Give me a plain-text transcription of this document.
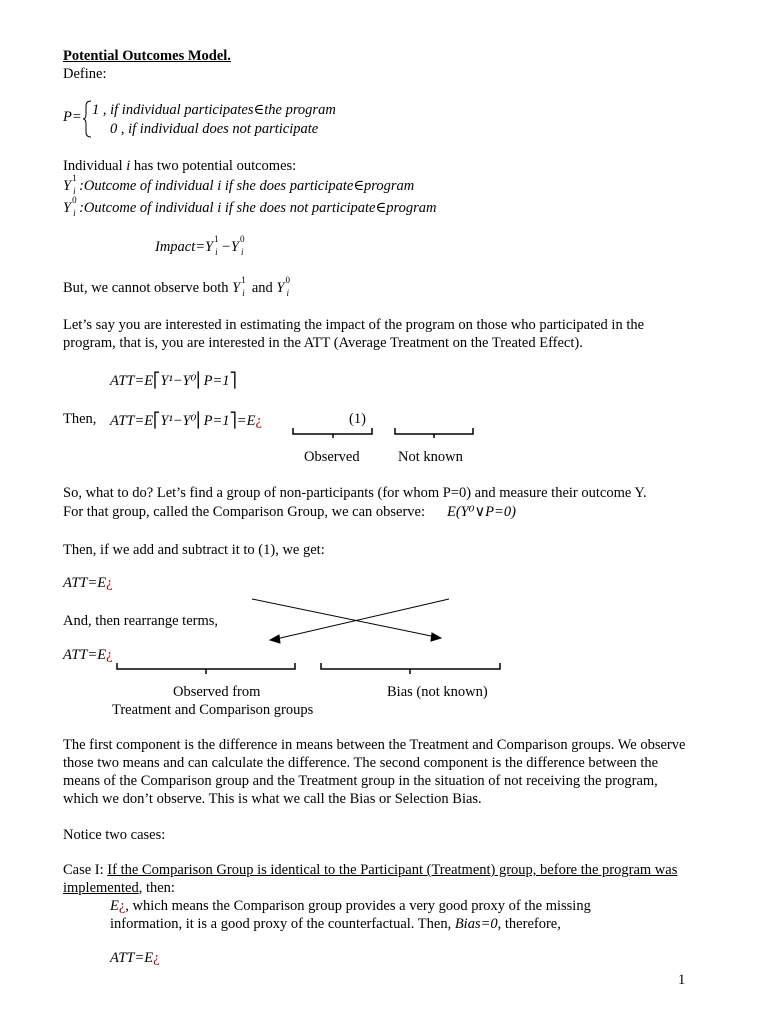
Potential Outcomes Model.
Define:
P= 1 , if individual participates∈the program
0 , if individual does not participate
Individual i has two potential outcomes:
Y
1
i :Outcome of individual i if she does participate∈program
Y
0
i :Outcome of individual i if she does not participate∈program
Impact=Y
1
i −Y
0
i
But, we cannot observe both Y
1
i and Y
0
i
Let’s say you are interested in estimating the impact of the program on those who participated in the program, that is, you are interested in the ATT (Average Treatment on the Treated Effect).
ATT=E⎡Y¹−Y⁰⎢P=1⎤
Then, ATT=E⎡Y¹−Y⁰⎢P=1⎤=E¿	(1)
Observed	Not known
So, what to do? Let’s find a group of non-participants (for whom P=0) and measure their outcome Y.
For that group, called the Comparison Group, we can observe: E(Y⁰∨P=0)
Then, if we add and subtract it to (1), we get:
ATT=E¿
And, then rearrange terms,
ATT=E¿
Observed from
Treatment and Comparison groups
Bias (not known)
The first component is the difference in means between the Treatment and Comparison groups. We observe those two means and can calculate the difference. The second component is the difference between the means of the Comparison group and the Treatment group in the situation of not receiving the program, which we don’t observe. This is what we call the Bias or Selection Bias.
Notice two cases:
Case I: If the Comparison Group is identical to the Participant (Treatment) group, before the program was implemented, then:
E¿, which means the Comparison group provides a very good proxy of the missing
information, it is a good proxy of the counterfactual. Then, Bias=0, therefore,
ATT=E¿
1
